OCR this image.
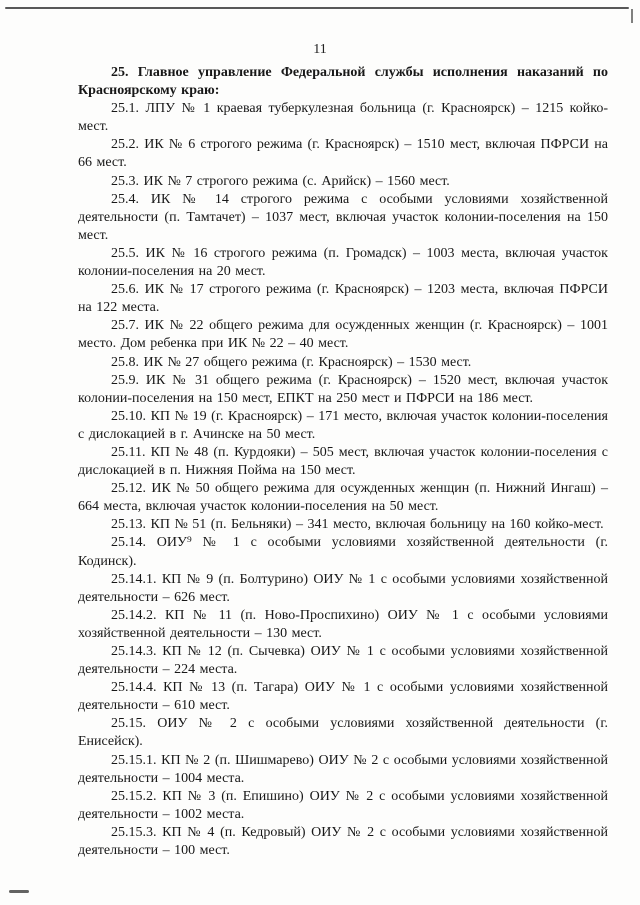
11

25. Главное управление Федеральной службы исполнения наказаний по Красноярскому краю:

25.1. ЛПУ № 1 краевая туберкулезная больница (г. Красноярск) – 1215 койко-мест.

25.2. ИК № 6 строгого режима (г. Красноярск) – 1510 мест, включая ПФРСИ на 66 мест.

25.3. ИК № 7 строгого режима (с. Арийск) – 1560 мест.

25.4. ИК № 14 строгого режима с особыми условиями хозяйственной деятельности (п. Тамтачет) – 1037 мест, включая участок колонии-поселения на 150 мест.

25.5. ИК № 16 строгого режима (п. Громадск) – 1003 места, включая участок колонии-поселения на 20 мест.

25.6. ИК № 17 строгого режима (г. Красноярск) – 1203 места, включая ПФРСИ на 122 места.

25.7. ИК № 22 общего режима для осужденных женщин (г. Красноярск) – 1001 место. Дом ребенка при ИК № 22 – 40 мест.

25.8. ИК № 27 общего режима (г. Красноярск) – 1530 мест.

25.9. ИК № 31 общего режима (г. Красноярск) – 1520 мест, включая участок колонии-поселения на 150 мест, ЕПКТ на 250 мест и ПФРСИ на 186 мест.

25.10. КП № 19 (г. Красноярск) – 171 место, включая участок колонии-поселения с дислокацией в г. Ачинске на 50 мест.

25.11. КП № 48 (п. Курдояки) – 505 мест, включая участок колонии-поселения с дислокацией в п. Нижняя Пойма на 150 мест.

25.12. ИК № 50 общего режима для осужденных женщин (п. Нижний Ингаш) – 664 места, включая участок колонии-поселения на 50 мест.

25.13. КП № 51 (п. Бельняки) – 341 место, включая больницу на 160 койко-мест.

25.14. ОИУ⁹ № 1 с особыми условиями хозяйственной деятельности (г. Кодинск).

25.14.1. КП № 9 (п. Болтурино) ОИУ № 1 с особыми условиями хозяйственной деятельности – 626 мест.

25.14.2. КП № 11 (п. Ново-Проспихино) ОИУ № 1 с особыми условиями хозяйственной деятельности – 130 мест.

25.14.3. КП № 12 (п. Сычевка) ОИУ № 1 с особыми условиями хозяйственной деятельности – 224 места.

25.14.4. КП № 13 (п. Тагара) ОИУ № 1 с особыми условиями хозяйственной деятельности – 610 мест.

25.15. ОИУ № 2 с особыми условиями хозяйственной деятельности (г. Енисейск).

25.15.1. КП № 2 (п. Шишмарево) ОИУ № 2 с особыми условиями хозяйственной деятельности – 1004 места.

25.15.2. КП № 3 (п. Епишино) ОИУ № 2 с особыми условиями хозяйственной деятельности – 1002 места.

25.15.3. КП № 4 (п. Кедровый) ОИУ № 2 с особыми условиями хозяйственной деятельности – 100 мест.
